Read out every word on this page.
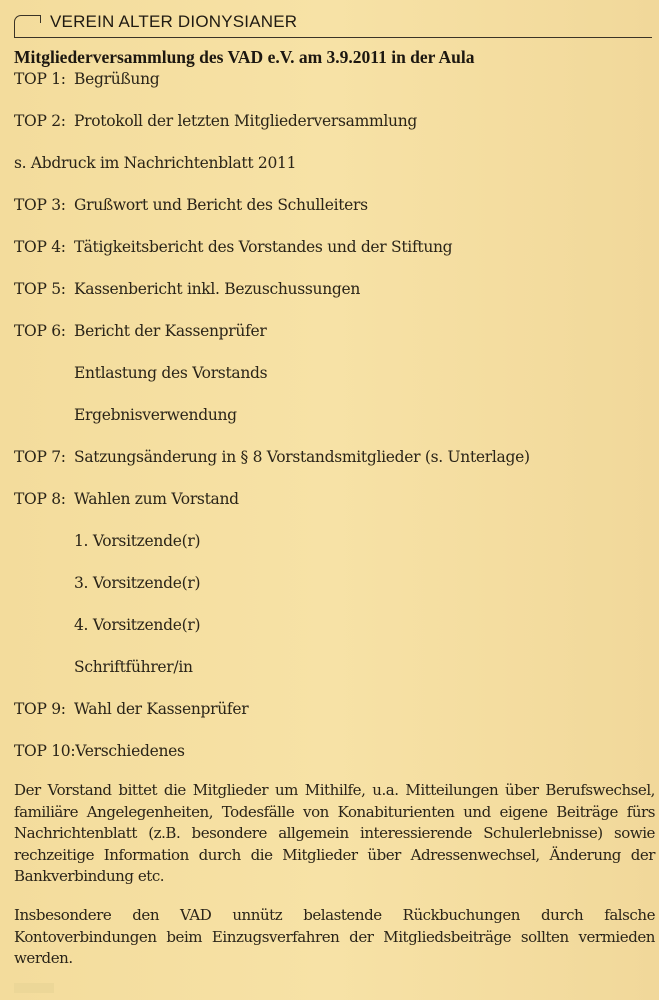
VEREIN ALTER DIONYSIANER
Mitgliederversammlung des VAD e.V. am 3.9.2011 in der Aula
TOP 1: Begrüßung
TOP 2: Protokoll der letzten Mitgliederversammlung
s. Abdruck im Nachrichtenblatt 2011
TOP 3: Grußwort und Bericht des Schulleiters
TOP 4: Tätigkeitsbericht des Vorstandes und der Stiftung
TOP 5: Kassenbericht inkl. Bezuschussungen
TOP 6: Bericht der Kassenprüfer
Entlastung des Vorstands
Ergebnisverwendung
TOP 7: Satzungsänderung in § 8 Vorstandsmitglieder (s. Unterlage)
TOP 8: Wahlen zum Vorstand
1. Vorsitzende(r)
3. Vorsitzende(r)
4. Vorsitzende(r)
Schriftführer/in
TOP 9: Wahl der Kassenprüfer
TOP 10:Verschiedenes

Der Vorstand bittet die Mitglieder um Mithilfe, u.a. Mitteilungen über Berufswechsel, familiäre Angelegenheiten, Todesfälle von Konabiturienten und eigene Beiträge fürs Nachrichtenblatt (z.B. besondere allgemein interessierende Schulerlebnisse) sowie rechzeitige Information durch die Mitglieder über Adressenwechsel, Änderung der Bankverbindung etc.

Insbesondere den VAD unnütz belastende Rückbuchungen durch falsche Kontoverbindungen beim Einzugsverfahren der Mitgliedsbeiträge sollten vermieden werden.
